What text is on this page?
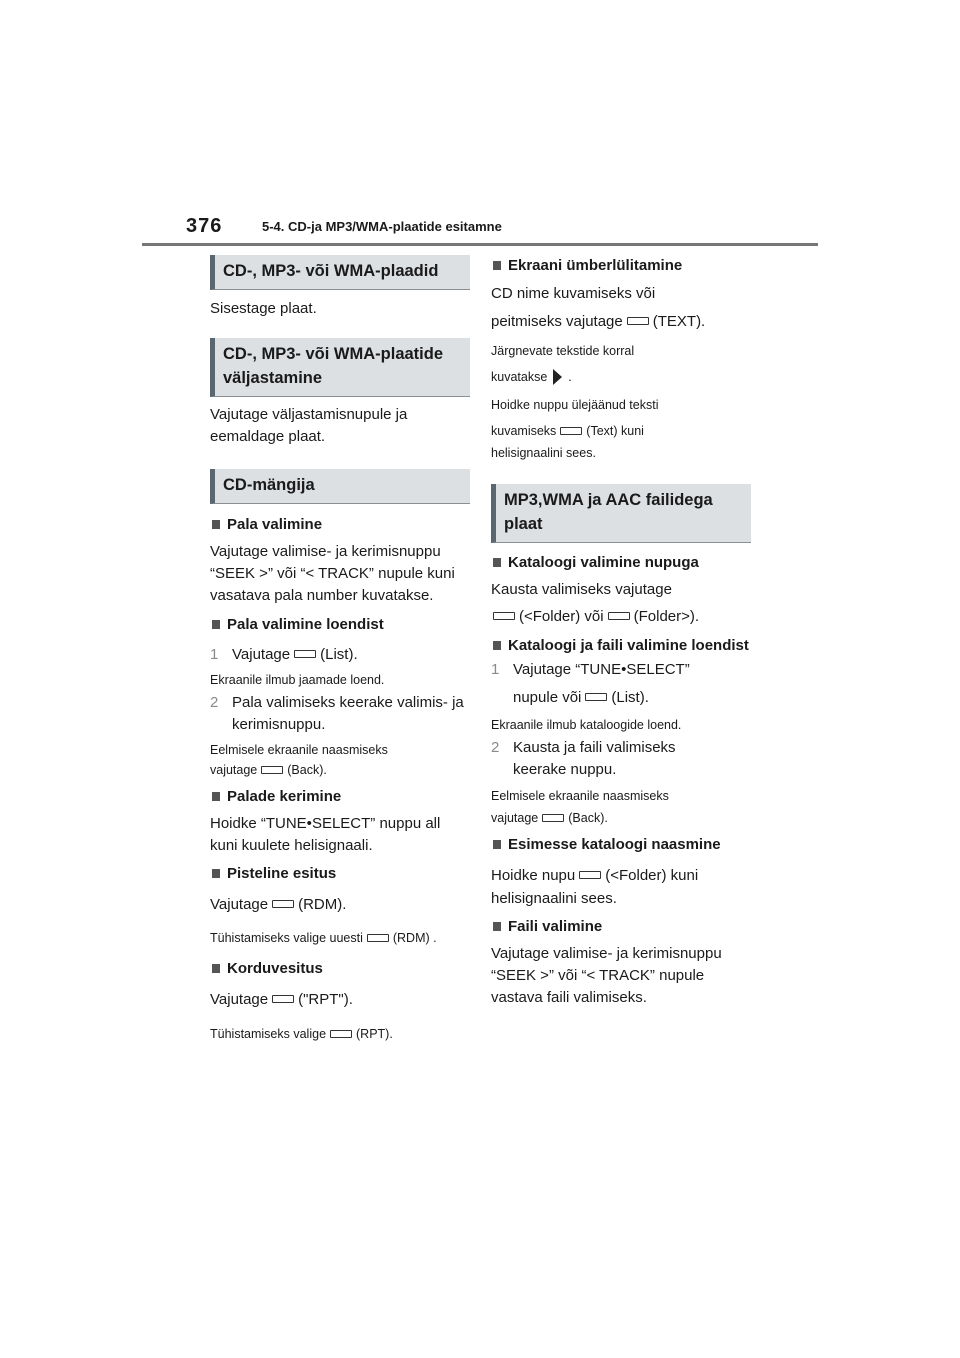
376	5-4. CD-ja MP3/WMA-plaatide esitamne
CD-, MP3- või WMA-plaadid
Sisestage plaat.
CD-, MP3- või WMA-plaatide väljastamine
Vajutage väljastamisnupule ja eemaldage plaat.
CD-mängija
Pala valimine
Vajutage valimise- ja kerimisnuppu “SEEK >” või “< TRACK” nupule kuni vasatava pala number kuvatakse.
Pala valimine loendist
1 Vajutage (List).
Ekraanile ilmub jaamade loend.
2 Pala valimiseks keerake valimis- ja kerimisnuppu.
Eelmisele ekraanile naasmiseks
vajutage (Back).
Palade kerimine
Hoidke “TUNE•SELECT” nuppu all kuni kuulete helisignaali.
Pisteline esitus
Vajutage (RDM).
Tühistamiseks valige uuesti (RDM) .
Korduvesitus
Vajutage ("RPT").
Tühistamiseks valige (RPT).
Ekraani ümberlülitamine
CD nime kuvamiseks või
peitmiseks vajutage (TEXT).
Järgnevate tekstide korral
kuvatakse .
Hoidke nuppu ülejäänud teksti
kuvamiseks (Text) kuni
helisignaalini sees.
MP3,WMA ja AAC failidega plaat
Kataloogi valimine nupuga
Kausta valimiseks vajutage
(<Folder) või (Folder>).
Kataloogi ja faili valimine loendist
1 Vajutage “TUNE•SELECT”
nupule või (List).
Ekraanile ilmub kataloogide loend.
2 Kausta ja faili valimiseks keerake nuppu.
Eelmisele ekraanile naasmiseks
vajutage (Back).
Esimesse kataloogi naasmine
Hoidke nupu (<Folder) kuni
helisignaalini sees.
Faili valimine
Vajutage valimise- ja kerimisnuppu “SEEK >” või “< TRACK” nupule vastava faili valimiseks.
